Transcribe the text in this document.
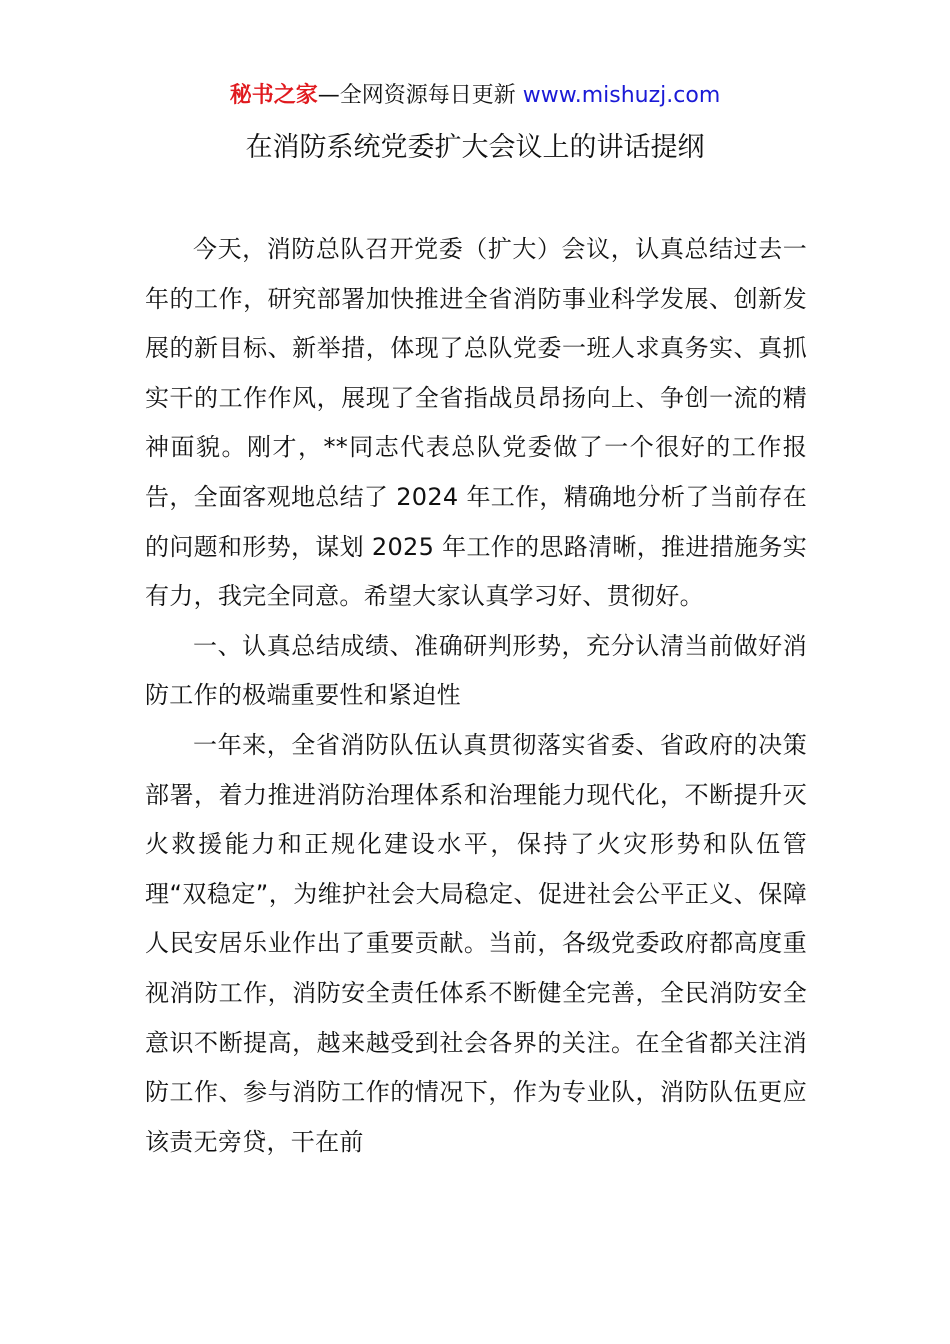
秘书之家—全网资源每日更新 www.mishuzj.com
在消防系统党委扩大会议上的讲话提纲

今天，消防总队召开党委（扩大）会议，认真总结过去一年的工作，研究部署加快推进全省消防事业科学发展、创新发展的新目标、新举措，体现了总队党委一班人求真务实、真抓实干的工作作风，展现了全省指战员昂扬向上、争创一流的精神面貌。刚才，**同志代表总队党委做了一个很好的工作报告，全面客观地总结了 2024 年工作，精确地分析了当前存在的问题和形势，谋划 2025 年工作的思路清晰，推进措施务实有力，我完全同意。希望大家认真学习好、贯彻好。

一、认真总结成绩、准确研判形势，充分认清当前做好消防工作的极端重要性和紧迫性

一年来，全省消防队伍认真贯彻落实省委、省政府的决策部署，着力推进消防治理体系和治理能力现代化，不断提升灭火救援能力和正规化建设水平，保持了火灾形势和队伍管理“双稳定”，为维护社会大局稳定、促进社会公平正义、保障人民安居乐业作出了重要贡献。当前，各级党委政府都高度重视消防工作，消防安全责任体系不断健全完善，全民消防安全意识不断提高，越来越受到社会各界的关注。在全省都关注消防工作、参与消防工作的情况下，作为专业队，消防队伍更应该责无旁贷，干在前
